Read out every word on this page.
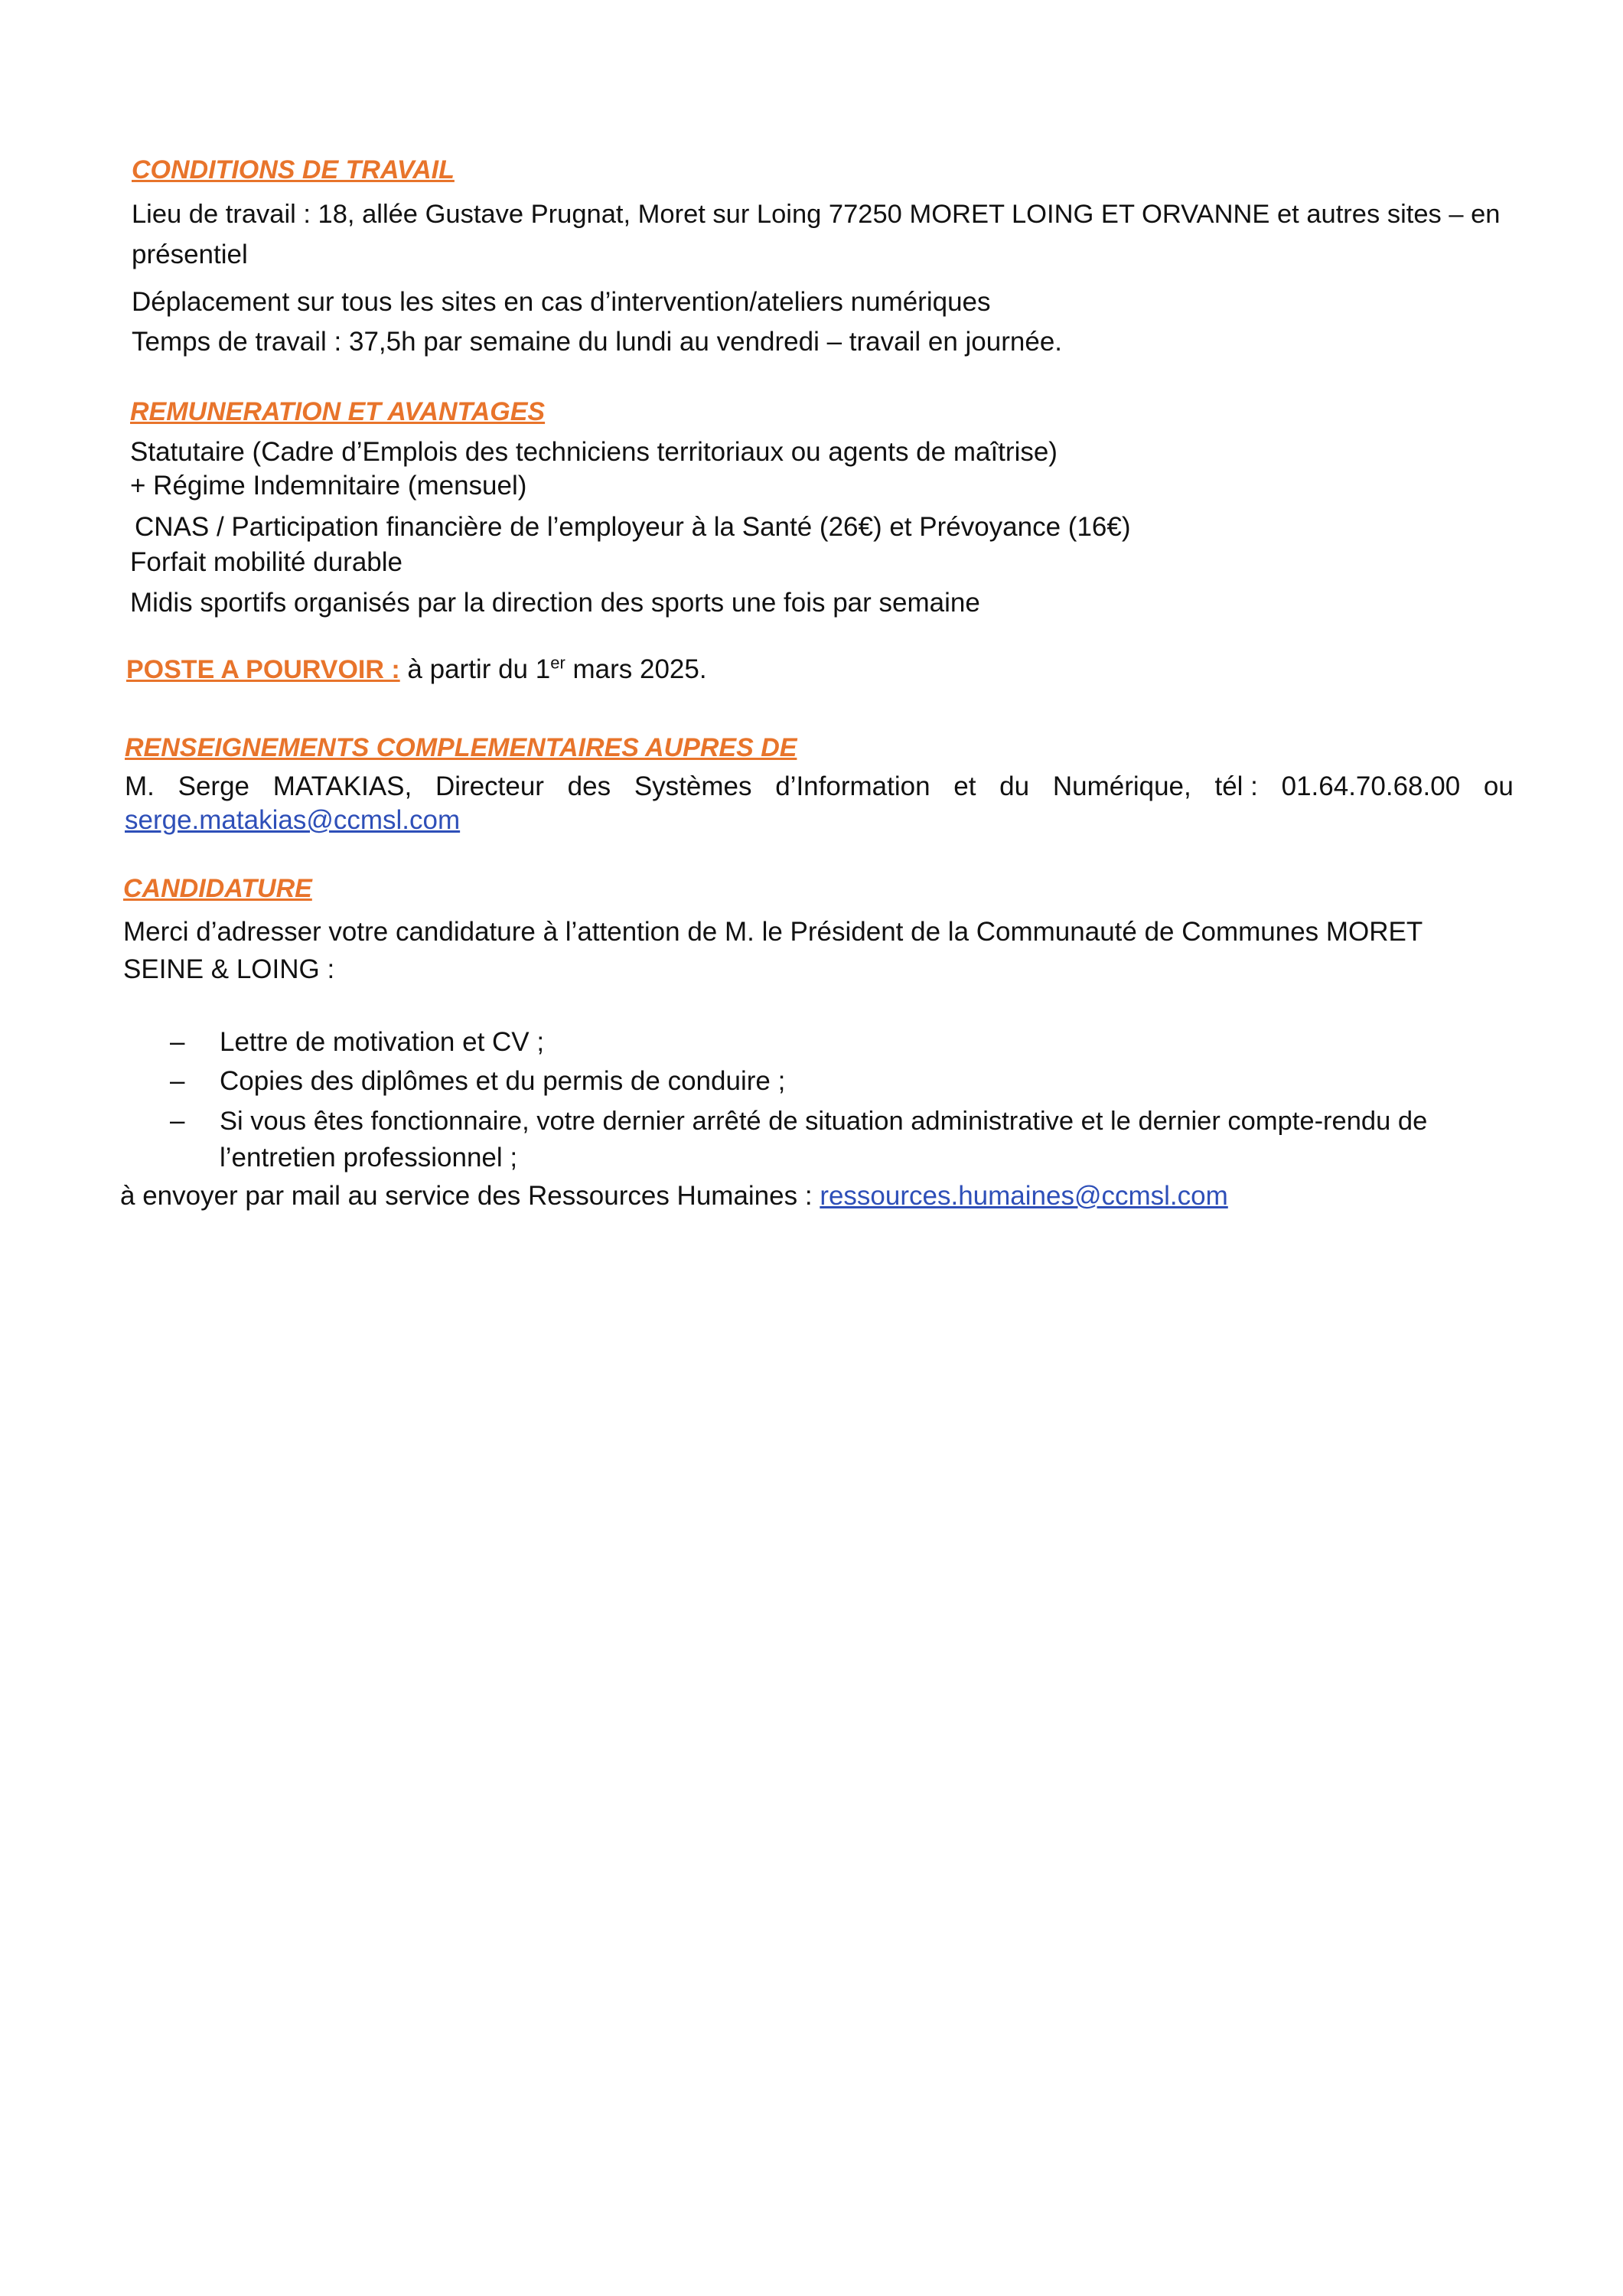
CONDITIONS DE TRAVAIL
Lieu de travail : 18, allée Gustave Prugnat, Moret sur Loing 77250 MORET LOING ET ORVANNE et autres sites – en
présentiel
Déplacement sur tous les sites en cas d’intervention/ateliers numériques
Temps de travail : 37,5h par semaine du lundi au vendredi – travail en journée.
REMUNERATION ET AVANTAGES
Statutaire (Cadre d’Emplois des techniciens territoriaux ou agents de maîtrise)
+ Régime Indemnitaire (mensuel)
CNAS / Participation financière de l’employeur à la Santé (26€) et Prévoyance (16€)
Forfait mobilité durable
Midis sportifs organisés par la direction des sports une fois par semaine
POSTE A POURVOIR : à partir du 1er mars 2025.
RENSEIGNEMENTS COMPLEMENTAIRES AUPRES DE
M. Serge MATAKIAS, Directeur des Systèmes d’Information et du Numérique, tél : 01.64.70.68.00 ou
serge.matakias@ccmsl.com
CANDIDATURE
Merci d’adresser votre candidature à l’attention de M. le Président de la Communauté de Communes MORET
SEINE & LOING :
– Lettre de motivation et CV ;
– Copies des diplômes et du permis de conduire ;
– Si vous êtes fonctionnaire, votre dernier arrêté de situation administrative et le dernier compte-rendu de
l’entretien professionnel ;
à envoyer par mail au service des Ressources Humaines : ressources.humaines@ccmsl.com
